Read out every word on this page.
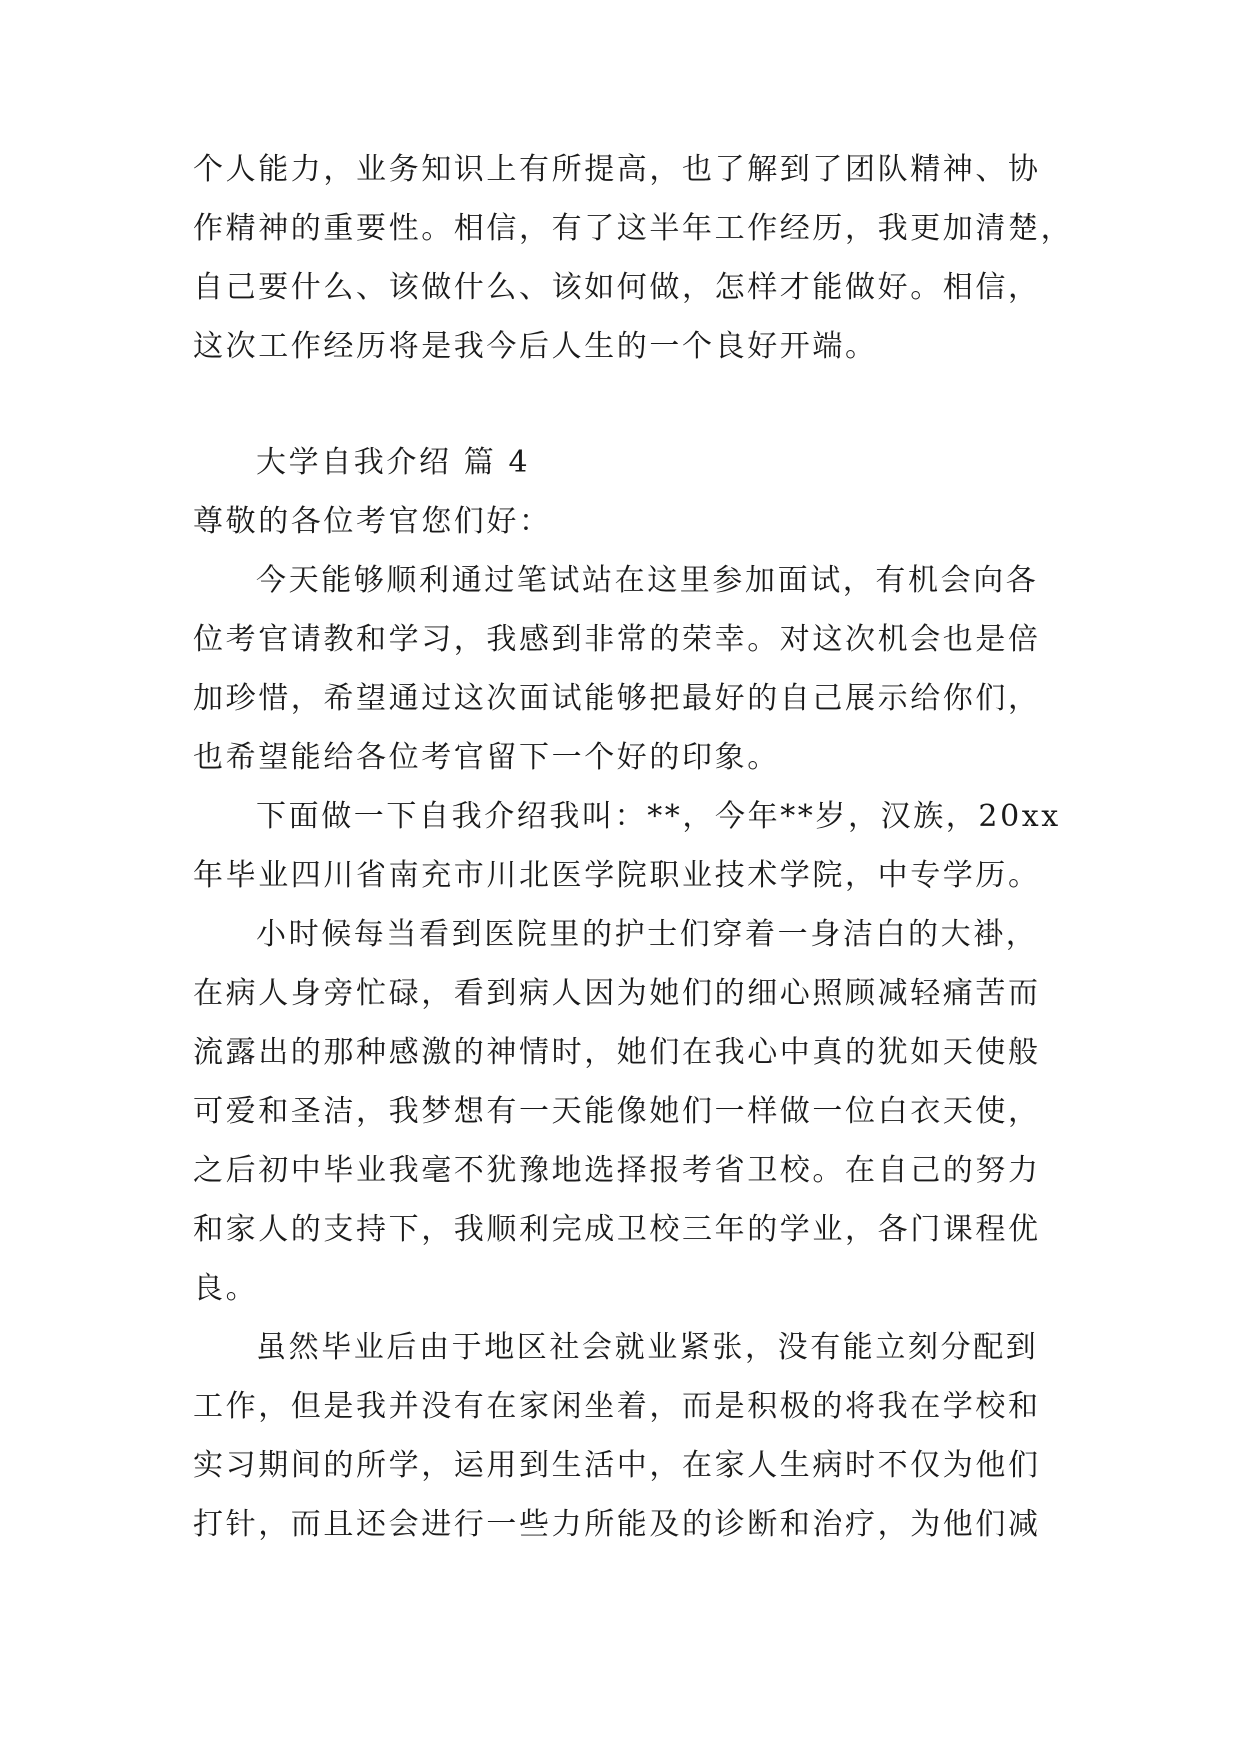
个人能力，业务知识上有所提高，也了解到了团队精神、协
作精神的重要性。相信，有了这半年工作经历，我更加清楚，
自己要什么、该做什么、该如何做，怎样才能做好。相信，
这次工作经历将是我今后人生的一个良好开端。
大学自我介绍 篇 4
尊敬的各位考官您们好：
今天能够顺利通过笔试站在这里参加面试，有机会向各
位考官请教和学习，我感到非常的荣幸。对这次机会也是倍
加珍惜，希望通过这次面试能够把最好的自己展示给你们，
也希望能给各位考官留下一个好的印象。
下面做一下自我介绍我叫：**，今年**岁，汉族，20xx
年毕业四川省南充市川北医学院职业技术学院，中专学历。
小时候每当看到医院里的护士们穿着一身洁白的大褂，
在病人身旁忙碌，看到病人因为她们的细心照顾减轻痛苦而
流露出的那种感激的神情时，她们在我心中真的犹如天使般
可爱和圣洁，我梦想有一天能像她们一样做一位白衣天使，
之后初中毕业我毫不犹豫地选择报考省卫校。在自己的努力
和家人的支持下，我顺利完成卫校三年的学业，各门课程优
良。
虽然毕业后由于地区社会就业紧张，没有能立刻分配到
工作，但是我并没有在家闲坐着，而是积极的将我在学校和
实习期间的所学，运用到生活中，在家人生病时不仅为他们
打针，而且还会进行一些力所能及的诊断和治疗，为他们减
